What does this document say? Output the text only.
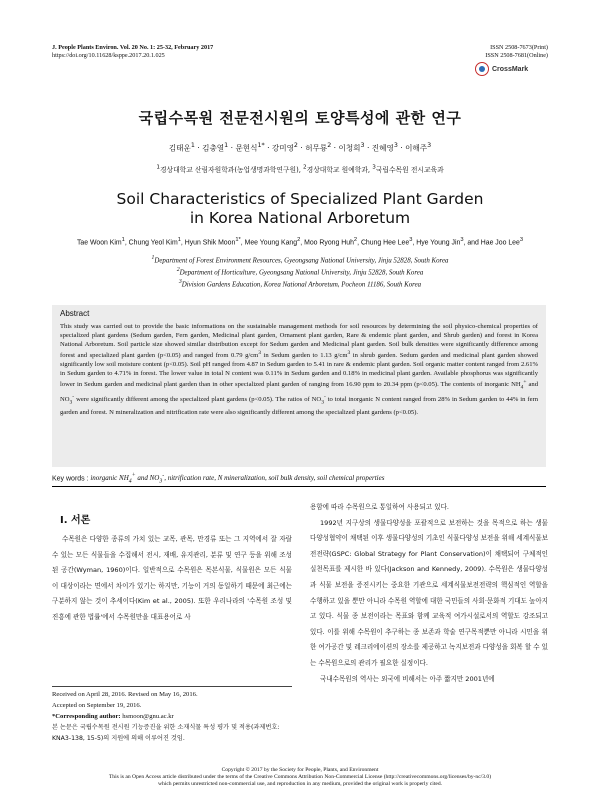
J. People Plants Environ. Vol. 20 No. 1: 25-32, February 2017
https://doi.org/10.11628/ksppe.2017.20.1.025
ISSN 2508-7673(Print)
ISSN 2508-7681(Online)
CrossMark
국립수목원 전문전시원의 토양특성에 관한 연구
김태운$^1$ · 김충열$^1$ · 문현식$^{1*}$ · 강미영$^2$ · 허무룡$^2$ · 이청희$^3$ · 진혜영$^3$ · 이해주$^3$
$^1$경상대학교 산림자원학과(농업생명과학연구원), $^2$경상대학교 원예학과, $^3$국립수목원 전시교육과
Soil Characteristics of Specialized Plant Garden
in Korea National Arboretum
Tae Woon Kim$^1$, Chung Yeol Kim$^1$, Hyun Shik Moon$^{1*}$, Mee Young Kang$^2$, Moo Ryong Huh$^2$, Chung Hee Lee$^3$, Hye Young Jin$^3$, and Hae Joo Lee$^3$
$^1$Department of Forest Environment Resources, Gyeongsang National University, Jinju 52828, South Korea
$^2$Department of Horticulture, Gyeongsang National University, Jinju 52828, South Korea
$^3$Division Gardens Education, Korea National Arboretum, Pocheon 11186, South Korea
Abstract
This study was carried out to provide the basic informations on the sustainable management methods for soil resources by determining the soil physico-chemical properties of specialized plant gardens (Sedum garden, Fern garden, Medicinal plant garden, Ornament plant garden, Rare & endemic plant garden, and Shrub garden) and forest in Korea National Arboretum. Soil particle size showed similar distribution except for Sedum garden and Medicinal plant garden. Soil bulk densities were significantly difference among forest and specialized plant garden (p<0.05) and ranged from 0.79 $g/cm^3$ in Sedum garden to 1.13 $g/cm^3$ in shrub garden. Sedum garden and medicinal plant garden showed significantly low soil moisture content (p<0.05). Soil pH ranged from 4.87 in Sedum garden to 5.41 in rare & endemic plant garden. Soil organic matter content ranged from 2.61% in Sedum garden to 4.71% in forest. The lower value in total N content was 0.11% in Sedum garden and 0.18% in medicinal plant garden. Available phosphorus was significantly lower in Sedum garden and medicinal plant garden than in other specialized plant garden of ranging from 16.90 ppm to 20.34 ppm (p<0.05). The contents of inorganic $NH_4^+$ and $NO_3^-$ were significantly different among the specialized plant gardens (p<0.05). The ratios of $NO_3^-$ to total inorganic N content ranged from 28% in Sedum garden to 44% in fern garden and forest. N mineralization and nitrification rate were also significantly different among the specialized plant gardens (p<0.05).
Key words : inorganic $NH_4^+$ and $NO_3^-$, nitrification rate, N mineralization, soil bulk density, soil chemical properties
Ⅰ. 서론

수목원은 다양한 종류의 가치 있는 교목, 관목, 만경류 또는 그 지역에서 잘 자랄 수 있는 모든 식물들을 수집해서 전시, 재배, 유지관리, 분류 및 연구 등을 위해 조성된 공간(Wyman, 1960)이다. 일반적으로 수목원은 목본식물, 식물원은 모든 식물이 대상이라는 면에서 차이가 있기는 하지만, 기능이 거의 동일하기 때문에 최근에는 구분하지 않는 것이 추세이다(Kim et al., 2005). 또한 우리나라의 '수목원 조성 및 진흥에 관한 법률'에서 수목원만을 대표용어로 사

Received on April 28, 2016. Revised on May 16, 2016.
Accepted on September 19, 2016.
*Corresponding author: hsmoon@gnu.ac.kr
본 논문은 국립수목원 전시원 기능증진을 위한 소재식물 특성 평가 및 적용(과제번호: KNA3-138, 15-5)의 지원에 의해 이루어진 것임.
용함에 따라 수목원으로 통일하여 사용되고 있다.

1992년 지구상의 생물다양성을 포괄적으로 보전하는 것을 목적으로 하는 생물다양성협약이 채택된 이후 생물다양성의 기초인 식물다양성 보전을 위해 세계식물보전전략(GSPC: Global Strategy for Plant Conservation)이 채택되어 구체적인 실천목표를 제시한 바 있다(Jackson and Kennedy, 2009). 수목원은 생물다양성과 식물 보전을 증진시키는 중요한 기관으로 세계식물보전전략의 핵심적인 역할을 수행하고 있을 뿐만 아니라 수목원 역할에 대한 국민들의 사회·문화적 기대도 높아지고 있다. 식물 종 보전이라는 목표와 함께 교육적 여가시설로서의 역할도 강조되고 있다. 이를 위해 수목원이 추구하는 종 보존과 학술 연구목적뿐만 아니라 시민을 위한 여가공간 및 레크리에이션의 장소를 제공하고 녹지보전과 다양성을 회복 할 수 있는 수목원으로의 관리가 필요한 실정이다.

국내수목원의 역사는 외국에 비해서는 아주 짧지만 2001년에

Copyright © 2017 by the Society for People, Plants, and Environment
This is an Open Access article distributed under the terms of the Creative Commons Attribution Non-Commercial License (http://creativecommons.org/licenses/by-nc/3.0)
which permits unrestricted non-commercial use, and reproduction in any medium, provided the original work is properly cited.
